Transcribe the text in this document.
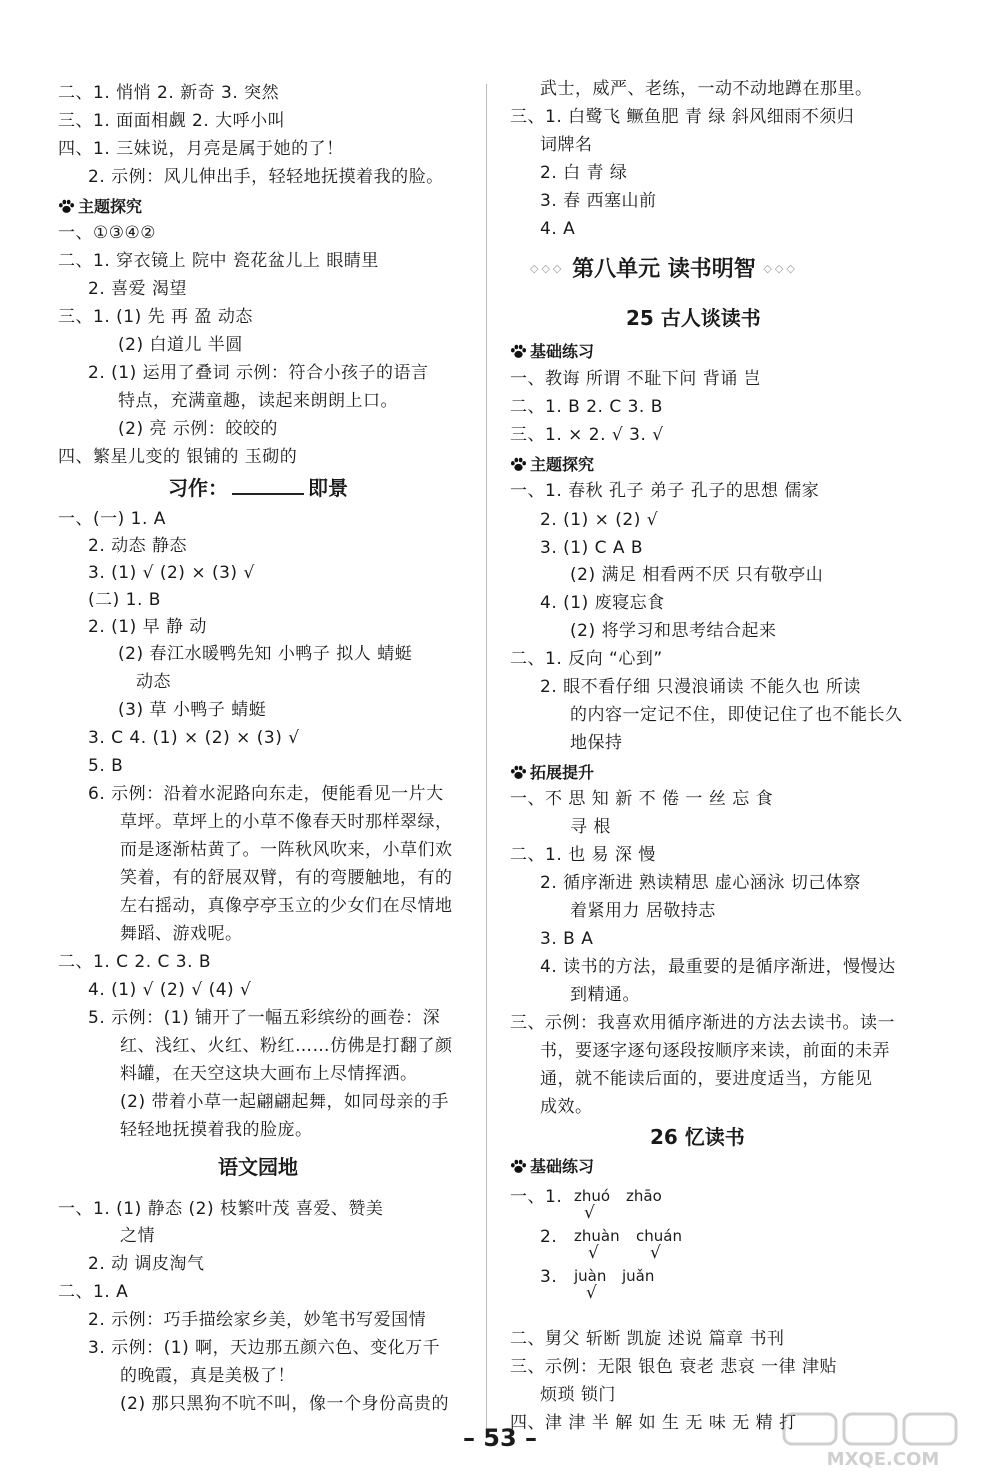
二、1. 悄悄 2. 新奇 3. 突然
三、1. 面面相觑 2. 大呼小叫
四、1. 三妹说，月亮是属于她的了！
2. 示例：风儿伸出手，轻轻地抚摸着我的脸。
主题探究
一、①③④②
二、1. 穿衣镜上 院中 瓷花盆儿上 眼睛里
2. 喜爱 渴望
三、1. (1) 先 再 盈 动态
(2) 白道儿 半圆
2. (1) 运用了叠词 示例：符合小孩子的语言
特点，充满童趣，读起来朗朗上口。
(2) 亮 示例：皎皎的
四、繁星儿变的 银铺的 玉砌的
习作：	即景
一、(一) 1. A
2. 动态 静态
3. (1) √ (2) × (3) √
(二) 1. B
2. (1) 早 静 动
(2) 春江水暖鸭先知 小鸭子 拟人 蜻蜓
动态
(3) 草 小鸭子 蜻蜓
3. C 4. (1) × (2) × (3) √
5. B
6. 示例：沿着水泥路向东走，便能看见一片大
草坪。草坪上的小草不像春天时那样翠绿，
而是逐渐枯黄了。一阵秋风吹来，小草们欢
笑着，有的舒展双臂，有的弯腰触地，有的
左右摇动，真像亭亭玉立的少女们在尽情地
舞蹈、游戏呢。
二、1. C 2. C 3. B
4. (1) √ (2) √ (4) √
5. 示例：(1) 铺开了一幅五彩缤纷的画卷：深
红、浅红、火红、粉红……仿佛是打翻了颜
料罐，在天空这块大画布上尽情挥洒。
(2) 带着小草一起翩翩起舞，如同母亲的手
轻轻地抚摸着我的脸庞。
语文园地
一、1. (1) 静态 (2) 枝繁叶茂 喜爱、赞美
之情
2. 动 调皮淘气
二、1. A
2. 示例：巧手描绘家乡美，妙笔书写爱国情
3. 示例：(1) 啊，天边那五颜六色、变化万千
的晚霞，真是美极了！
(2) 那只黑狗不吭不叫，像一个身份高贵的
武士，威严、老练，一动不动地蹲在那里。
三、1. 白鹭飞 鳜鱼肥 青 绿 斜风细雨不须归
词牌名
2. 白 青 绿
3. 春 西塞山前
4. A
◇◇◇ 第八单元 读书明智 ◇◇◇
25 古人谈读书
基础练习
一、教诲 所谓 不耻下问 背诵 岂
二、1. B 2. C 3. B
三、1. × 2. √ 3. √
主题探究
一、1. 春秋 孔子 弟子 孔子的思想 儒家
2. (1) × (2) √
3. (1) C A B
(2) 满足 相看两不厌 只有敬亭山
4. (1) 废寝忘食
(2) 将学习和思考结合起来
二、1. 反向 “心到”
2. 眼不看仔细 只漫浪诵读 不能久也 所读
的内容一定记不住，即使记住了也不能长久
地保持
拓展提升
一、不 思 知 新 不 倦 一 丝 忘 食
寻 根
二、1. 也 易 深 慢
2. 循序渐进 熟读精思 虚心涵泳 切己体察
着紧用力 居敬持志
3. B A
4. 读书的方法，最重要的是循序渐进，慢慢达
到精通。
三、示例：我喜欢用循序渐进的方法去读书。读一
书，要逐字逐句逐段按顺序来读，前面的未弄
通，就不能读后面的，要进度适当，方能见
成效。
26 忆读书
基础练习
一、1. zhuó zhāo
√
2. zhuàn chuán
√	√
3. juàn juǎn
√
二、舅父 斩断 凯旋 述说 篇章 书刊
三、示例：无限 银色 衰老 悲哀 一律 津贴
烦琐 锁门
四、津 津 半 解 如 生 无 味 无 精 打
– 53 –
MXQE.COM
